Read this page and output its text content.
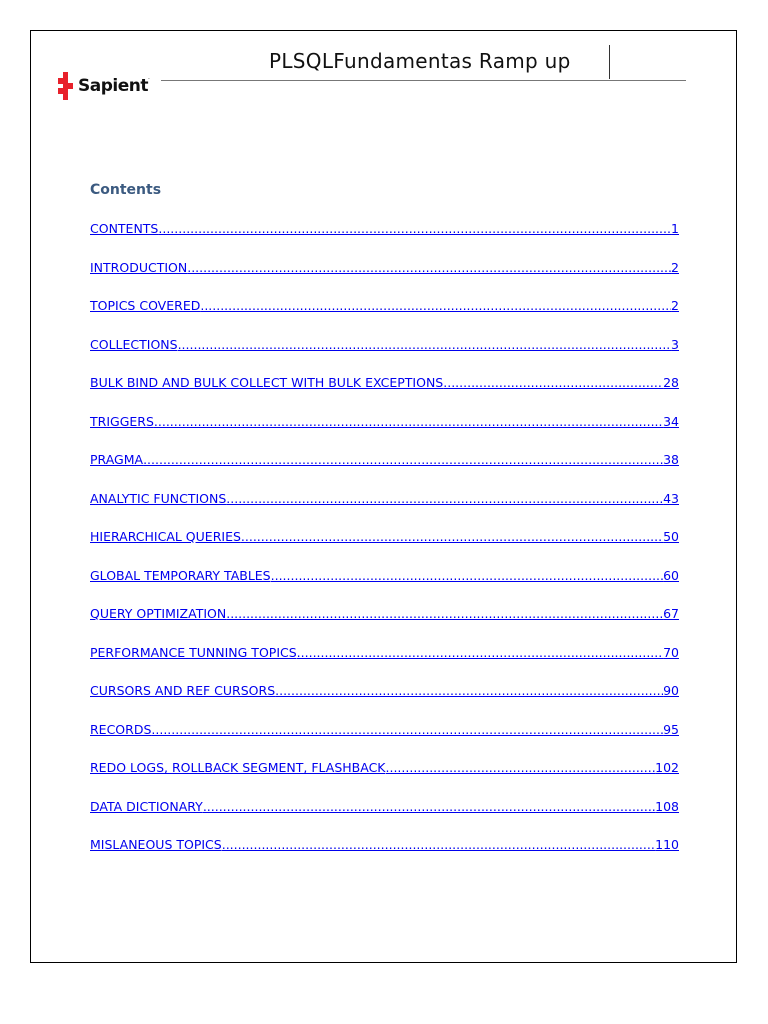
Sapient·
PLSQLFundamentas Ramp up
Contents
CONTENTS .....	1
INTRODUCTION .....	2
TOPICS COVERED .....	2
COLLECTIONS .....	3
BULK BIND AND BULK COLLECT WITH BULK EXCEPTIONS .....	28
TRIGGERS .....	34
PRAGMA .....	38
ANALYTIC FUNCTIONS .....	43
HIERARCHICAL QUERIES .....	50
GLOBAL TEMPORARY TABLES .....	60
QUERY OPTIMIZATION .....	67
PERFORMANCE TUNNING TOPICS .....	70
CURSORS AND REF CURSORS .....	90
RECORDS .....	95
REDO LOGS, ROLLBACK SEGMENT, FLASHBACK .....	102
DATA DICTIONARY .....	108
MISLANEOUS TOPICS .....	110
